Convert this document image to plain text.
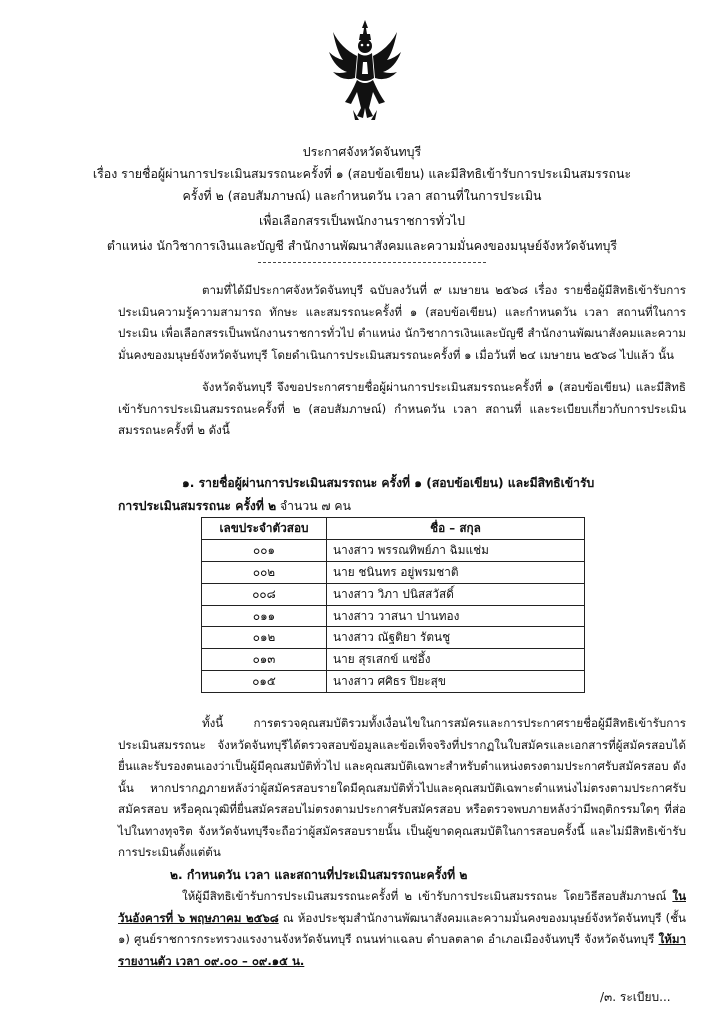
ประกาศจังหวัดจันทบุรี
เรื่อง รายชื่อผู้ผ่านการประเมินสมรรถนะครั้งที่ ๑ (สอบข้อเขียน) และมีสิทธิเข้ารับการประเมินสมรรถนะ
ครั้งที่ ๒ (สอบสัมภาษณ์) และกำหนดวัน เวลา สถานที่ในการประเมิน
เพื่อเลือกสรรเป็นพนักงานราชการทั่วไป
ตำแหน่ง นักวิชาการเงินและบัญชี สำนักงานพัฒนาสังคมและความมั่นคงของมนุษย์จังหวัดจันทบุรี
ตามที่ได้มีประกาศจังหวัดจันทบุรี ฉบับลงวันที่ ๙ เมษายน ๒๕๖๘ เรื่อง รายชื่อผู้มีสิทธิเข้ารับการประเมินความรู้ความสามารถ ทักษะ และสมรรถนะครั้งที่ ๑ (สอบข้อเขียน) และกำหนดวัน เวลา สถานที่ในการประเมิน เพื่อเลือกสรรเป็นพนักงานราชการทั่วไป ตำแหน่ง นักวิชาการเงินและบัญชี สำนักงานพัฒนาสังคมและความมั่นคงของมนุษย์จังหวัดจันทบุรี โดยดำเนินการประเมินสมรรถนะครั้งที่ ๑ เมื่อวันที่ ๒๔ เมษายน ๒๕๖๘ ไปแล้ว นั้น
จังหวัดจันทบุรี จึงขอประกาศรายชื่อผู้ผ่านการประเมินสมรรถนะครั้งที่ ๑ (สอบข้อเขียน) และมีสิทธิเข้ารับการประเมินสมรรถนะครั้งที่ ๒ (สอบสัมภาษณ์) กำหนดวัน เวลา สถานที่ และระเบียบเกี่ยวกับการประเมินสมรรถนะครั้งที่ ๒ ดังนี้
๑. รายชื่อผู้ผ่านการประเมินสมรรถนะ ครั้งที่ ๑ (สอบข้อเขียน) และมีสิทธิเข้ารับ
การประเมินสมรรถนะ ครั้งที่ ๒ จำนวน ๗ คน
เลขประจำตัวสอบ	ชื่อ – สกุล
๐๐๑	นางสาว พรรณทิพย์ภา ฉิมแช่ม
๐๐๒	นาย ชนินทร อยู่พรมชาติ
๐๐๘	นางสาว วิภา ปนิสสวัสดิ์
๐๑๑	นางสาว วาสนา ปานทอง
๐๑๒	นางสาว ณัฐติยา รัตนชู
๐๑๓	นาย สุรเสกข์ แซ่อึ้ง
๐๑๕	นางสาว ศศิธร ปิยะสุข
ทั้งนี้ การตรวจคุณสมบัติรวมทั้งเงื่อนไขในการสมัครและการประกาศรายชื่อผู้มีสิทธิเข้ารับการประเมินสมรรถนะ จังหวัดจันทบุรีได้ตรวจสอบข้อมูลและข้อเท็จจริงที่ปรากฏในใบสมัครและเอกสารที่ผู้สมัครสอบได้ยื่นและรับรองตนเองว่าเป็นผู้มีคุณสมบัติทั่วไป และคุณสมบัติเฉพาะสำหรับตำแหน่งตรงตามประกาศรับสมัครสอบ ดังนั้น หากปรากฏภายหลังว่าผู้สมัครสอบรายใดมีคุณสมบัติทั่วไปและคุณสมบัติเฉพาะตำแหน่งไม่ตรงตามประกาศรับสมัครสอบ หรือคุณวุฒิที่ยื่นสมัครสอบไม่ตรงตามประกาศรับสมัครสอบ หรือตรวจพบภายหลังว่ามีพฤติกรรมใดๆ ที่ส่อไปในทางทุจริต จังหวัดจันทบุรีจะถือว่าผู้สมัครสอบรายนั้น เป็นผู้ขาดคุณสมบัติในการสอบครั้งนี้ และไม่มีสิทธิเข้ารับการประเมินตั้งแต่ต้น
๒. กำหนดวัน เวลา และสถานที่ประเมินสมรรถนะครั้งที่ ๒
ให้ผู้มีสิทธิเข้ารับการประเมินสมรรถนะครั้งที่ ๒ เข้ารับการประเมินสมรรถนะ โดยวิธีสอบสัมภาษณ์ ในวันอังคารที่ ๖ พฤษภาคม ๒๕๖๘ ณ ห้องประชุมสำนักงานพัฒนาสังคมและความมั่นคงของมนุษย์จังหวัดจันทบุรี (ชั้น ๑) ศูนย์ราชการกระทรวงแรงงานจังหวัดจันทบุรี ถนนท่าแฉลบ ตำบลตลาด อำเภอเมืองจันทบุรี จังหวัดจันทบุรี ให้มารายงานตัว เวลา ๐๙.๐๐ – ๐๙.๑๕ น.
/๓. ระเบียบ...
